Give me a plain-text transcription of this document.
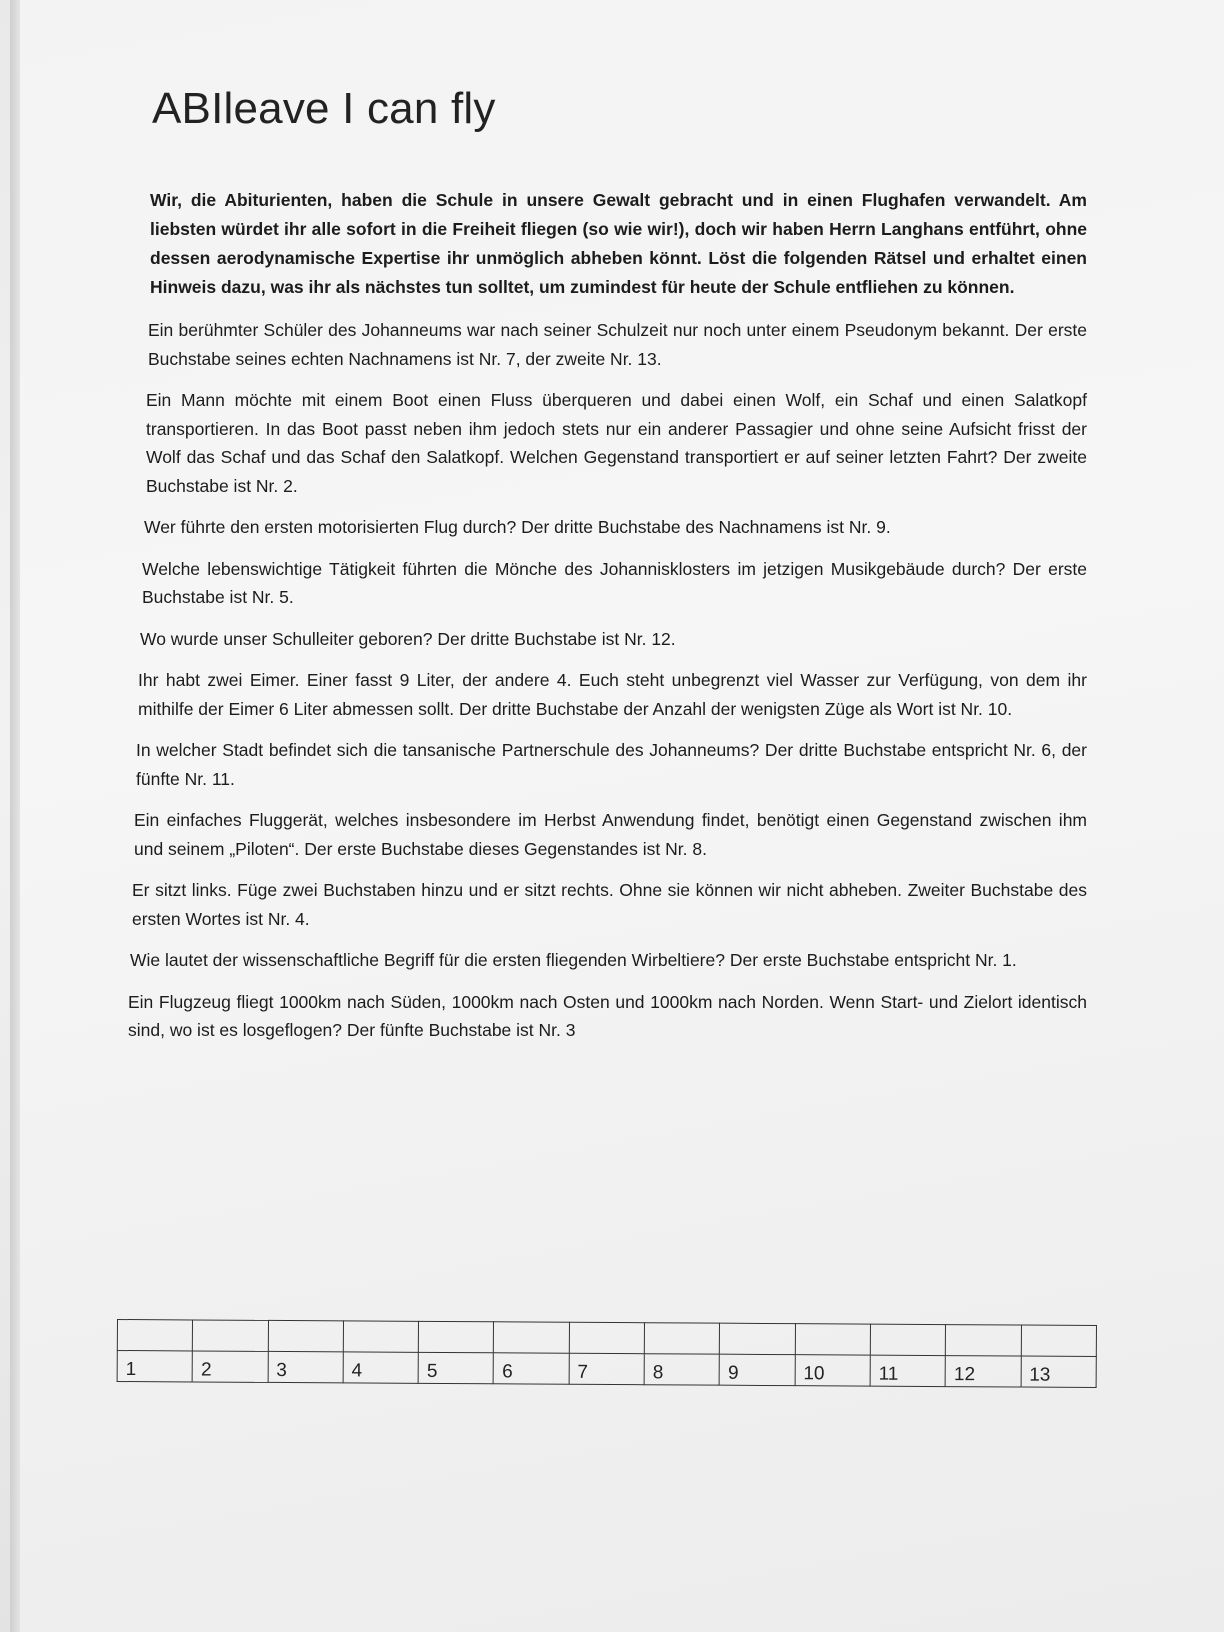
ABIleave I can fly

Wir, die Abiturienten, haben die Schule in unsere Gewalt gebracht und in einen Flughafen verwandelt. Am liebsten würdet ihr alle sofort in die Freiheit fliegen (so wie wir!), doch wir haben Herrn Langhans entführt, ohne dessen aerodynamische Expertise ihr unmöglich abheben könnt. Löst die folgenden Rätsel und erhaltet einen Hinweis dazu, was ihr als nächstes tun solltet, um zumindest für heute der Schule entfliehen zu können.

Ein berühmter Schüler des Johanneums war nach seiner Schulzeit nur noch unter einem Pseudonym bekannt. Der erste Buchstabe seines echten Nachnamens ist Nr. 7, der zweite Nr. 13.

Ein Mann möchte mit einem Boot einen Fluss überqueren und dabei einen Wolf, ein Schaf und einen Salatkopf transportieren. In das Boot passt neben ihm jedoch stets nur ein anderer Passagier und ohne seine Aufsicht frisst der Wolf das Schaf und das Schaf den Salatkopf. Welchen Gegenstand transportiert er auf seiner letzten Fahrt? Der zweite Buchstabe ist Nr. 2.

Wer führte den ersten motorisierten Flug durch? Der dritte Buchstabe des Nachnamens ist Nr. 9.

Welche lebenswichtige Tätigkeit führten die Mönche des Johannisklosters im jetzigen Musikgebäude durch? Der erste Buchstabe ist Nr. 5.

Wo wurde unser Schulleiter geboren? Der dritte Buchstabe ist Nr. 12.

Ihr habt zwei Eimer. Einer fasst 9 Liter, der andere 4. Euch steht unbegrenzt viel Wasser zur Verfügung, von dem ihr mithilfe der Eimer 6 Liter abmessen sollt. Der dritte Buchstabe der Anzahl der wenigsten Züge als Wort ist Nr. 10.

In welcher Stadt befindet sich die tansanische Partnerschule des Johanneums? Der dritte Buchstabe entspricht Nr. 6, der fünfte Nr. 11.

Ein einfaches Fluggerät, welches insbesondere im Herbst Anwendung findet, benötigt einen Gegenstand zwischen ihm und seinem „Piloten“. Der erste Buchstabe dieses Gegenstandes ist Nr. 8.

Er sitzt links. Füge zwei Buchstaben hinzu und er sitzt rechts. Ohne sie können wir nicht abheben. Zweiter Buchstabe des ersten Wortes ist Nr. 4.

Wie lautet der wissenschaftliche Begriff für die ersten fliegenden Wirbeltiere? Der erste Buchstabe entspricht Nr. 1.

Ein Flugzeug fliegt 1000km nach Süden, 1000km nach Osten und 1000km nach Norden. Wenn Start- und Zielort identisch sind, wo ist es losgeflogen? Der fünfte Buchstabe ist Nr. 3

1	2	3	4	5	6	7	8	9	10	11	12	13
